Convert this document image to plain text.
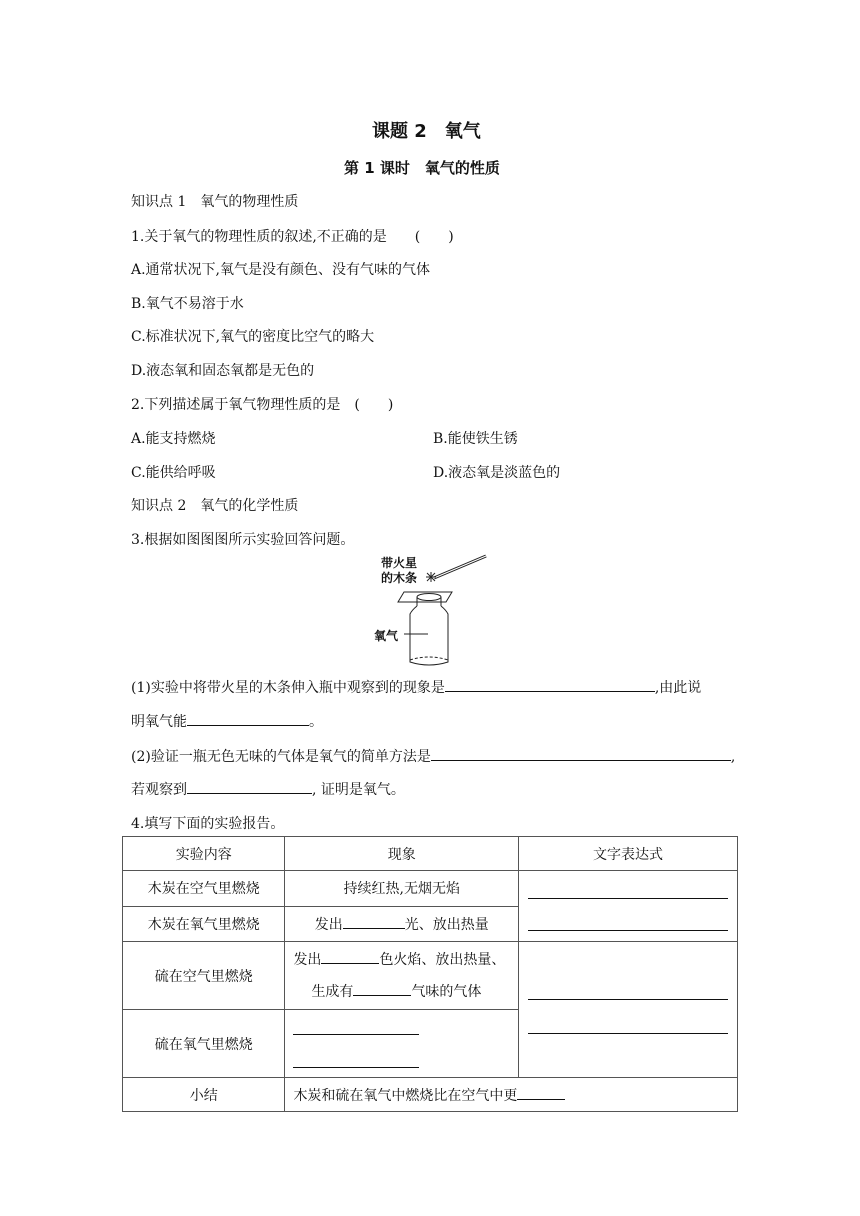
课题 2　氧气
第 1 课时　氧气的性质
知识点 1　氧气的物理性质
1.关于氧气的物理性质的叙述,不正确的是　　(　　)
A.通常状况下,氧气是没有颜色、没有气味的气体
B.氧气不易溶于水
C.标准状况下,氧气的密度比空气的略大
D.液态氧和固态氧都是无色的
2.下列描述属于氧气物理性质的是　(　　)
A.能支持燃烧	B.能使铁生锈
C.能供给呼吸	D.液态氧是淡蓝色的
知识点 2　氧气的化学性质
3.根据如图图图所示实验回答问题。
带火星
的木条
氧气
(1)实验中将带火星的木条伸入瓶中观察到的现象是	,由此说
明氧气能	。
(2)验证一瓶无色无味的气体是氧气的简单方法是	,
若观察到	, 证明是氧气。
4.填写下面的实验报告。
实验内容	现象	文字表达式
木炭在空气里燃烧	持续红热,无烟无焰	

木炭在氧气里燃烧	发出 光、放出热量	
硫在空气里燃烧	发出 色火焰、放出热量、
生成有 气味的气体	

硫在氧气里燃烧		

小结	木炭和硫在氧气中燃烧比在空气中更	
